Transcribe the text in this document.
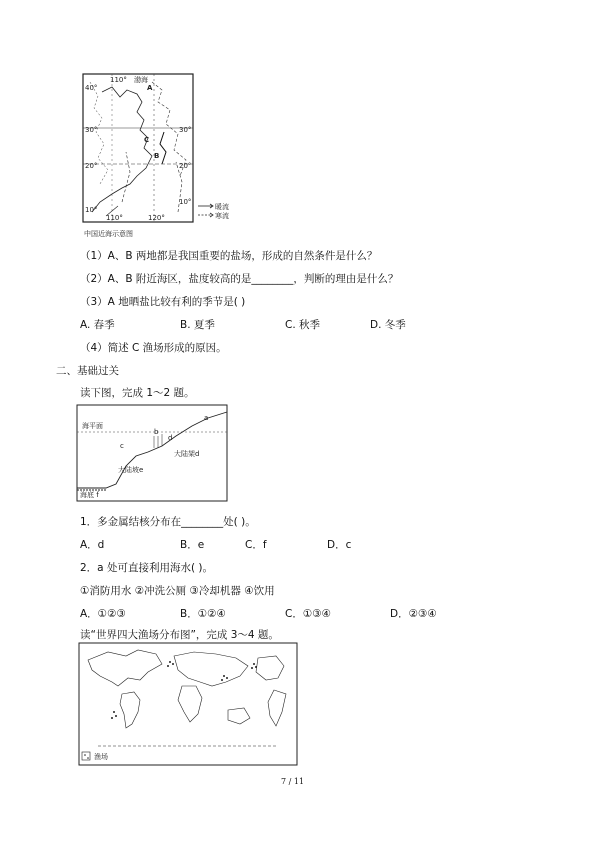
110° 渤海
40°
30°
20°
10°
30°
20°
10°
110°	120°
A
B
C
暖流
寒流
中国近海示意图
（1）A、B 两地都是我国重要的盐场，形成的自然条件是什么？
（2）A、B 附近海区，盐度较高的是________，判断的理由是什么？
（3）A 地晒盐比较有利的季节是( )
A. 春季	B. 夏季	C. 秋季	D. 冬季
（4）简述 C 渔场形成的原因。
二、基础过关
读下图，完成 1～2 题。
海平面
a
b
c
d
大陆架d
大陆坡e
海底 f
1．多金属结核分布在________处( )。
A．d	B．e	C．f	D．c
2．a 处可直接利用海水( )。
①消防用水 ②冲洗公厕 ③冷却机器 ④饮用
A．①②③	B．①②④	C．①③④	D．②③④
读“世界四大渔场分布图”，完成 3～4 题。
渔场
7 / 11
